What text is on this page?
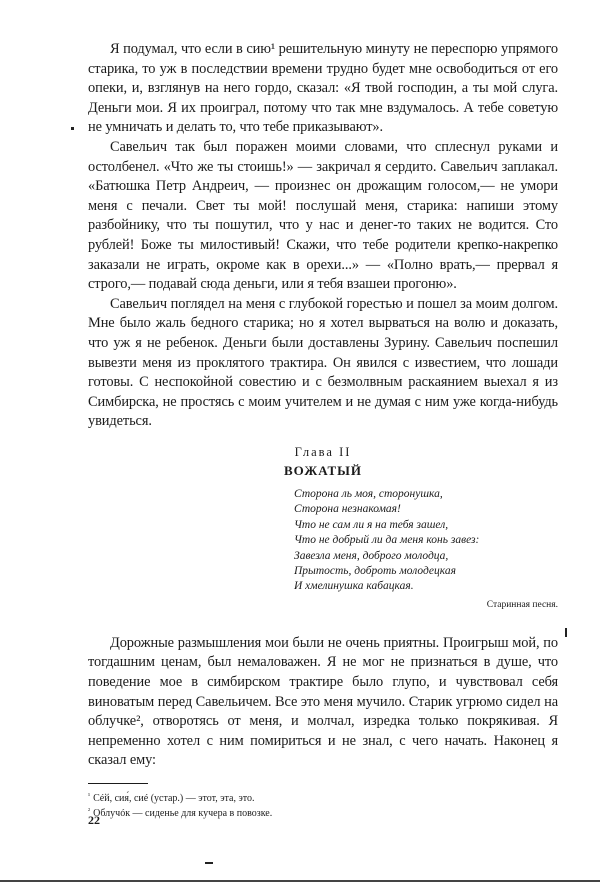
Я подумал, что если в сию¹ решительную минуту не переспорю упрямого старика, то уж в последствии времени трудно будет мне освободиться от его опеки, и, взглянув на него гордо, сказал: «Я твой господин, а ты мой слуга. Деньги мои. Я их проиграл, потому что так мне вздумалось. А тебе советую не умничать и делать то, что тебе приказывают».

Савельич так был поражен моими словами, что сплеснул руками и остолбенел. «Что же ты стоишь!» — закричал я сердито. Савельич заплакал. «Батюшка Петр Андреич, — произнес он дрожащим голосом,— не умори меня с печали. Свет ты мой! послушай меня, старика: напиши этому разбойнику, что ты пошутил, что у нас и денег-то таких не водится. Сто рублей! Боже ты милостивый! Скажи, что тебе родители крепко-накрепко заказали не играть, окроме как в орехи...» — «Полно врать,— прервал я строго,— подавай сюда деньги, или я тебя взашеи прогоню».

Савельич поглядел на меня с глубокой горестью и пошел за моим долгом. Мне было жаль бедного старика; но я хотел вырваться на волю и доказать, что уж я не ребенок. Деньги были доставлены Зурину. Савельич поспешил вывезти меня из проклятого трактира. Он явился с известием, что лошади готовы. С неспокойной совестию и с безмолвным раскаянием выехал я из Симбирска, не простясь с моим учителем и не думая с ним уже когда-нибудь увидеться.

Глава II

ВОЖАТЫЙ

Сторона ль моя, сторонушка,

Сторона незнакомая!

Что не сам ли я на тебя зашел,

Что не добрый ли да меня конь завез:

Завезла меня, доброго молодца,

Прытость, доброть молодецкая

И хмелинушка кабацкая.

Старинная песня.

Дорожные размышления мои были не очень приятны. Проигрыш мой, по тогдашним ценам, был немаловажен. Я не мог не признаться в душе, что поведение мое в симбирском трактире было глупо, и чувствовал себя виноватым перед Савельичем. Все это меня мучило. Старик угрюмо сидел на облучке², отворотясь от меня, и молчал, изредка только покрякивая. Я непременно хотел с ним помириться и не знал, с чего начать. Наконец я сказал ему:

$^{^1}$ Сéй, сия́, сиé (устар.) — этот, эта, это.

$^{^2}$ Облучóк — сиденье для кучера в повозке.

22
